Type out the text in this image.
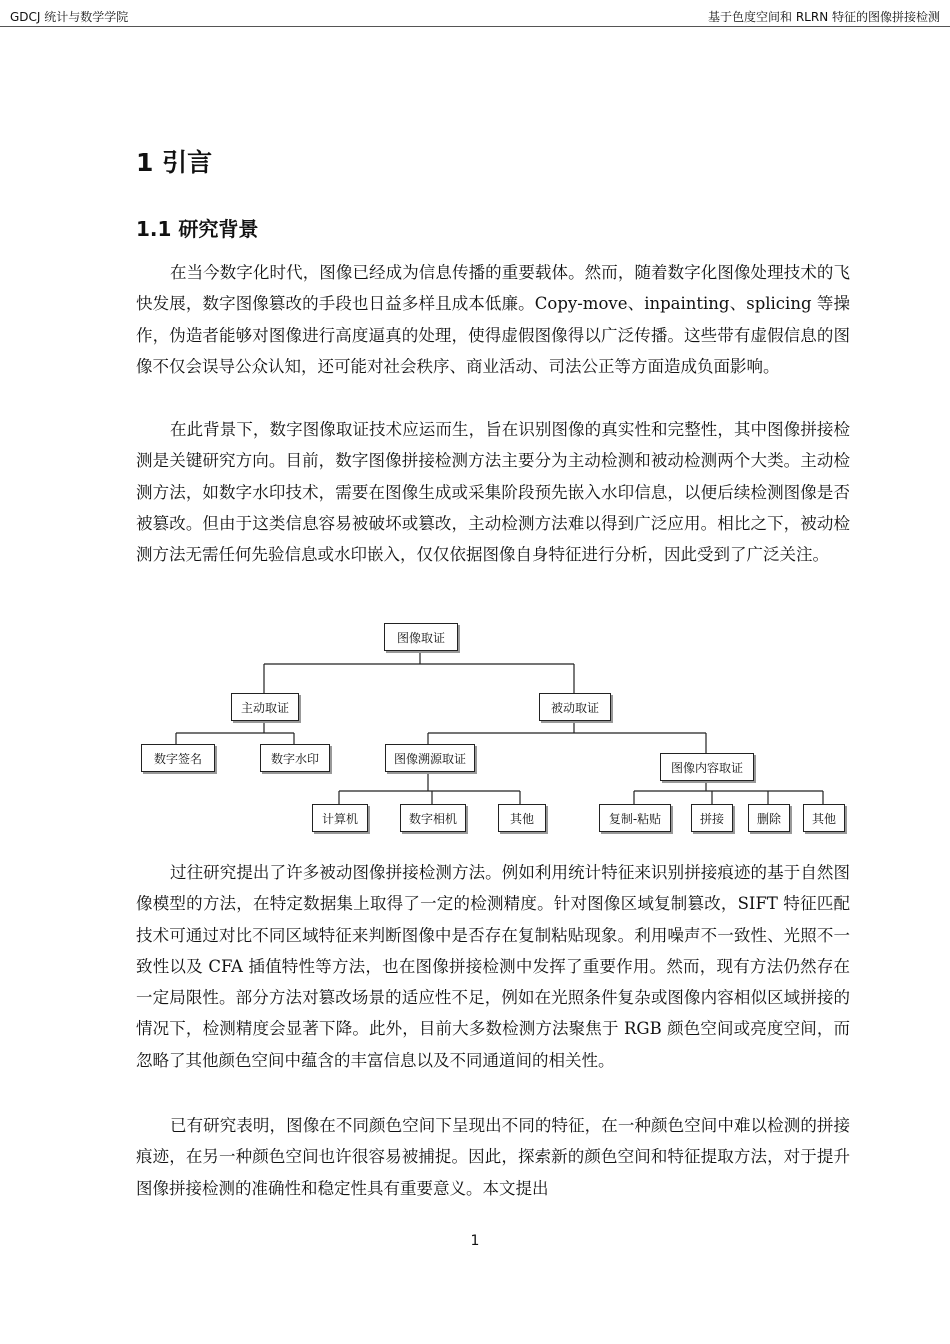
GDCJ 统计与数学学院	基于色度空间和 RLRN 特征的图像拼接检测
1 引言
1.1 研究背景

在当今数字化时代，图像已经成为信息传播的重要载体。然而，随着数字化图像处理技术的飞快发展，数字图像篡改的手段也日益多样且成本低廉。Copy-move、inpainting、splicing 等操作，伪造者能够对图像进行高度逼真的处理，使得虚假图像得以广泛传播。这些带有虚假信息的图像不仅会误导公众认知，还可能对社会秩序、商业活动、司法公正等方面造成负面影响。

在此背景下，数字图像取证技术应运而生，旨在识别图像的真实性和完整性，其中图像拼接检测是关键研究方向。目前，数字图像拼接检测方法主要分为主动检测和被动检测两个大类。主动检测方法，如数字水印技术，需要在图像生成或采集阶段预先嵌入水印信息，以便后续检测图像是否被篡改。但由于这类信息容易被破坏或篡改，主动检测方法难以得到广泛应用。相比之下，被动检测方法无需任何先验信息或水印嵌入，仅仅依据图像自身特征进行分析，因此受到了广泛关注。

图像取证
主动取证	被动取证
数字签名	数字水印	图像溯源取证
图像内容取证
计算机	数字相机	其他	复制-粘贴	拼接	删除	其他

过往研究提出了许多被动图像拼接检测方法。例如利用统计特征来识别拼接痕迹的基于自然图像模型的方法，在特定数据集上取得了一定的检测精度。针对图像区域复制篡改，SIFT 特征匹配技术可通过对比不同区域特征来判断图像中是否存在复制粘贴现象。利用噪声不一致性、光照不一致性以及 CFA 插值特性等方法，也在图像拼接检测中发挥了重要作用。然而，现有方法仍然存在一定局限性。部分方法对篡改场景的适应性不足，例如在光照条件复杂或图像内容相似区域拼接的情况下，检测精度会显著下降。此外，目前大多数检测方法聚焦于 RGB 颜色空间或亮度空间，而忽略了其他颜色空间中蕴含的丰富信息以及不同通道间的相关性。

已有研究表明，图像在不同颜色空间下呈现出不同的特征，在一种颜色空间中难以检测的拼接痕迹，在另一种颜色空间也许很容易被捕捉。因此，探索新的颜色空间和特征提取方法，对于提升图像拼接检测的准确性和稳定性具有重要意义。本文提出

1
